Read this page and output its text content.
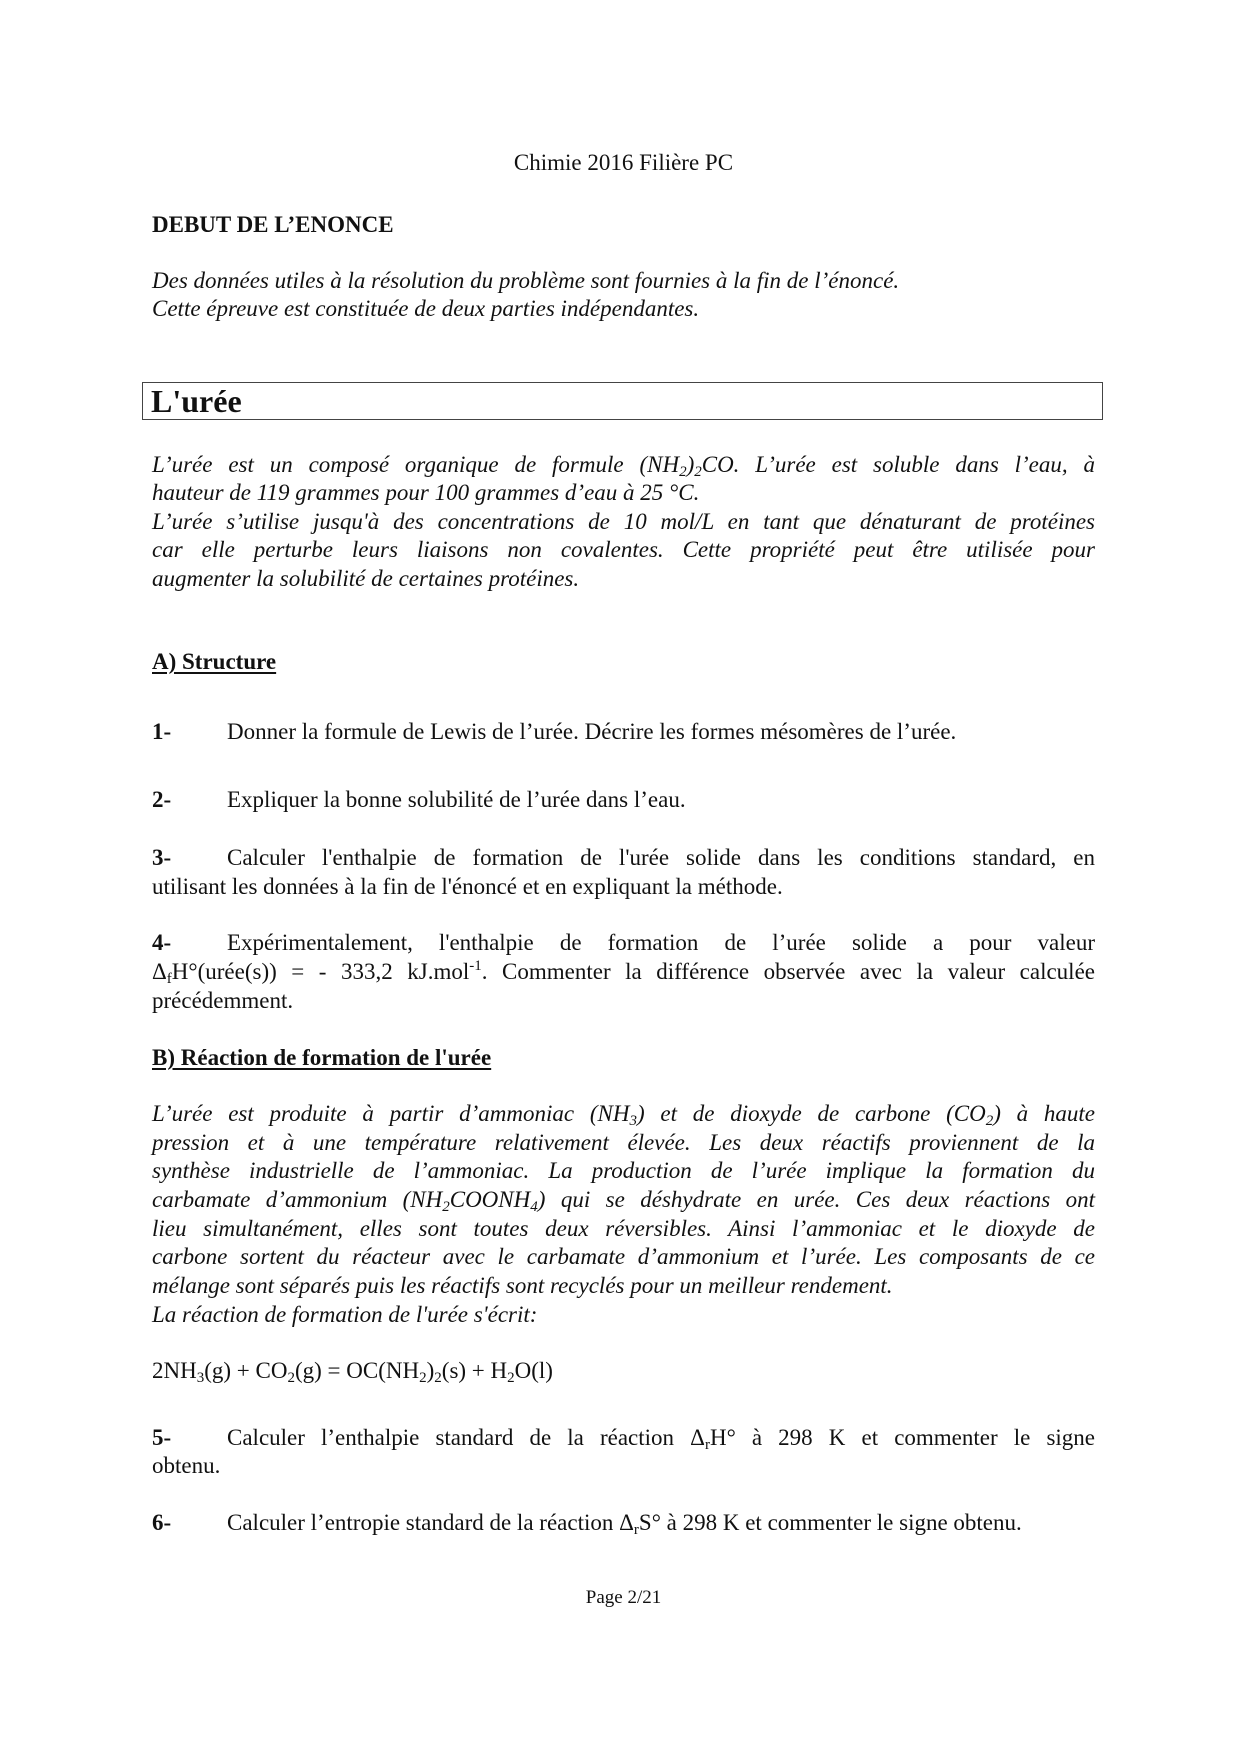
Chimie 2016 Filière PC
DEBUT DE L’ENONCE
Des données utiles à la résolution du problème sont fournies à la fin de l’énoncé.
Cette épreuve est constituée de deux parties indépendantes.
L'urée
L’urée est un composé organique de formule $(NH_2)_2CO$. L’urée est soluble dans l’eau, à
hauteur de 119 grammes pour 100 grammes d’eau à 25 °C.
L’urée s’utilise jusqu'à des concentrations de 10 mol/L en tant que dénaturant de protéines
car elle perturbe leurs liaisons non covalentes. Cette propriété peut être utilisée pour
augmenter la solubilité de certaines protéines.
A) Structure
1- Donner la formule de Lewis de l’urée. Décrire les formes mésomères de l’urée.
2- Expliquer la bonne solubilité de l’urée dans l’eau.
3- Calculer l'enthalpie de formation de l'urée solide dans les conditions standard, en
utilisant les données à la fin de l'énoncé et en expliquant la méthode.
4- Expérimentalement, l'enthalpie de formation de l’urée solide a pour valeur
$\Delta_fH^\circ(urée(s))$ = - 333,2 kJ.mol$^{-1}$. Commenter la différence observée avec la valeur calculée
précédemment.
B) Réaction de formation de l'urée
L’urée est produite à partir d’ammoniac $(NH_3)$ et de dioxyde de carbone $(CO_2)$ à haute
pression et à une température relativement élevée. Les deux réactifs proviennent de la
synthèse industrielle de l’ammoniac. La production de l’urée implique la formation du
carbamate d’ammonium $(NH_2COONH_4)$ qui se déshydrate en urée. Ces deux réactions ont
lieu simultanément, elles sont toutes deux réversibles. Ainsi l’ammoniac et le dioxyde de
carbone sortent du réacteur avec le carbamate d’ammonium et l’urée. Les composants de ce
mélange sont séparés puis les réactifs sont recyclés pour un meilleur rendement.
La réaction de formation de l'urée s'écrit:
$2NH_3(g) + CO_2(g) = OC(NH_2)_2(s) + H_2O(l)$
5- Calculer l’enthalpie standard de la réaction $\Delta_rH^\circ$ à 298 K et commenter le signe
obtenu.
6- Calculer l’entropie standard de la réaction $\Delta_rS^\circ$ à 298 K et commenter le signe obtenu.
Page 2/21
